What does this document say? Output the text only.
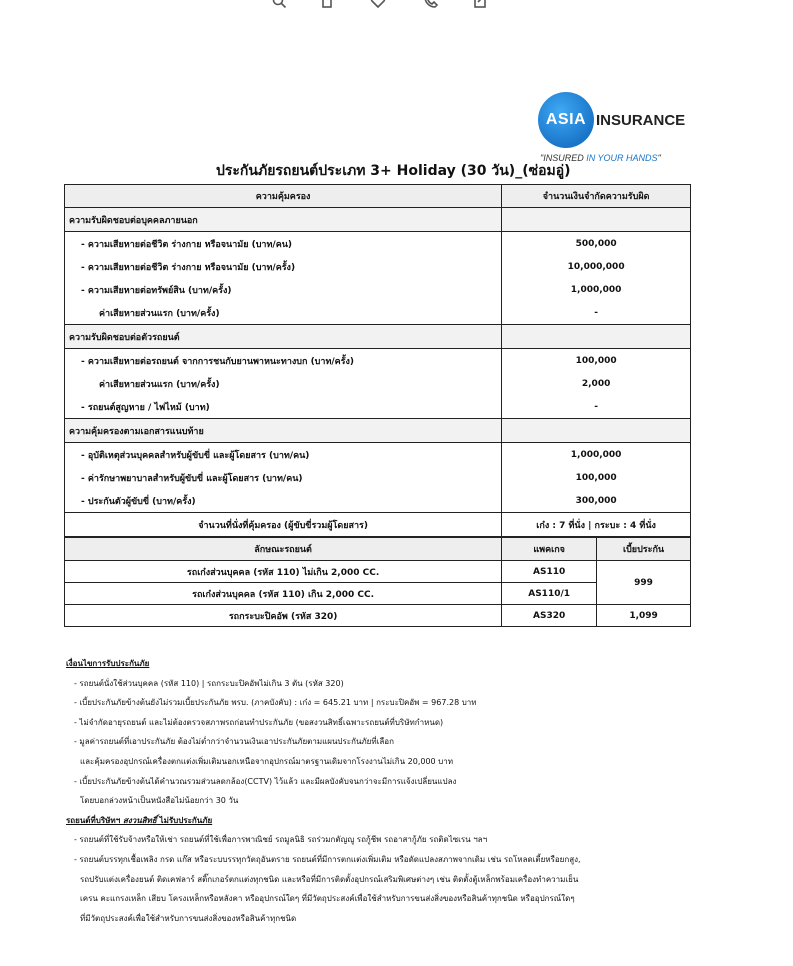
ASIA INSURANCE
"INSURED IN YOUR HANDS"
ประกันภัยรถยนต์ประเภท 3+ Holiday (30 วัน)_(ซ่อมอู่)
ความคุ้มครอง	จำนวนเงินจำกัดความรับผิด
ความรับผิดชอบต่อบุคคลภายนอก	
- ความเสียหายต่อชีวิต ร่างกาย หรือจนามัย (บาท/คน)	500,000
- ความเสียหายต่อชีวิต ร่างกาย หรือจนามัย (บาท/ครั้ง)	10,000,000
- ความเสียหายต่อทรัพย์สิน (บาท/ครั้ง)	1,000,000
ค่าเสียหายส่วนแรก (บาท/ครั้ง)	-
ความรับผิดชอบต่อตัวรถยนต์	
- ความเสียหายต่อรถยนต์ จากการชนกับยานพาหนะทางบก (บาท/ครั้ง)	100,000
ค่าเสียหายส่วนแรก (บาท/ครั้ง)	2,000
- รถยนต์สูญหาย / ไฟไหม้ (บาท)	-
ความคุ้มครองตามเอกสารแนบท้าย	
- อุบัติเหตุส่วนบุคคลสำหรับผู้ขับขี่ และผู้โดยสาร (บาท/คน)	1,000,000
- ค่ารักษาพยาบาลสำหรับผู้ขับขี่ และผู้โดยสาร (บาท/คน)	100,000
- ประกันตัวผู้ขับขี่ (บาท/ครั้ง)	300,000
จำนวนที่นั่งที่คุ้มครอง (ผู้ขับขี่รวมผู้โดยสาร)	เก๋ง : 7 ที่นั่ง | กระบะ : 4 ที่นั่ง
ลักษณะรถยนต์	แพคเกจ	เบี้ยประกัน
รถเก๋งส่วนบุคคล (รหัส 110) ไม่เกิน 2,000 CC.	AS110	999
รถเก๋งส่วนบุคคล (รหัส 110) เกิน 2,000 CC.	AS110/1	
รถกระบะปิคอัพ (รหัส 320)	AS320	1,099
เงื่อนไขการรับประกันภัย
- รถยนต์นั่งใช้ส่วนบุคคล (รหัส 110) | รถกระบะปิคอัพไม่เกิน 3 ตัน (รหัส 320)
- เบี้ยประกันภัยข้างต้นยังไม่รวมเบี้ยประกันภัย พรบ. (ภาคบังคับ) : เก๋ง = 645.21 บาท | กระบะปิคอัพ = 967.28 บาท
- ไม่จำกัดอายุรถยนต์ และไม่ต้องตรวจสภาพรถก่อนทำประกันภัย (ขอสงวนสิทธิ์เฉพาะรถยนต์ที่บริษัทกำหนด)
- มูลค่ารถยนต์ที่เอาประกันภัย ต้องไม่ต่ำกว่าจำนวนเงินเอาประกันภัยตามแผนประกันภัยที่เลือก
และคุ้มครองอุปกรณ์เครื่องตกแต่งเพิ่มเติมนอกเหนือจากอุปกรณ์มาตรฐานเดิมจากโรงงานไม่เกิน 20,000 บาท
- เบี้ยประกันภัยข้างต้นได้คำนวณรวมส่วนลดกล้อง(CCTV) ไว้แล้ว และมีผลบังคับจนกว่าจะมีการแจ้งเปลี่ยนแปลง
โดยบอกล่วงหน้าเป็นหนังสือไม่น้อยกว่า 30 วัน
รถยนต์ที่บริษัทฯ สงวนสิทธิ์ ไม่รับประกันภัย
- รถยนต์ที่ใช้รับจ้างหรือให้เช่า รถยนต์ที่ใช้เพื่อการพาณิชย์ รถมูลนิธิ รถร่วมกตัญญู รถกู้ชีพ รถอาสากู้ภัย รถติดไซเรน ฯลฯ
- รถยนต์บรรทุกเชื้อเพลิง กรด แก๊ส หรือระบบรรทุกวัตถุอันตราย รถยนต์ที่มีการตกแต่งเพิ่มเติม หรือดัดแปลงสภาพจากเดิม เช่น รถโหลดเตี้ยหรือยกสูง,
รถปรับแต่งเครื่องยนต์ ติดเคฟลาร์ สติ๊กเกอร์ตกแต่งทุกชนิด และหรือที่มีการติดตั้งอุปกรณ์เสริมพิเศษต่างๆ เช่น ติดตั้งตู้เหล็กพร้อมเครื่องทำความเย็น
เครน คะแกรงเหล็ก เสียบ โครงเหล็กหรือหลังคา หรืออุปกรณ์ใดๆ ที่มีวัตถุประสงค์เพื่อใช้สำหรับการขนส่งสิ่งของหรือสินค้าทุกชนิด หรืออุปกรณ์ใดๆ
ที่มีวัตถุประสงค์เพื่อใช้สำหรับการขนส่งสิ่งของหรือสินค้าทุกชนิด
